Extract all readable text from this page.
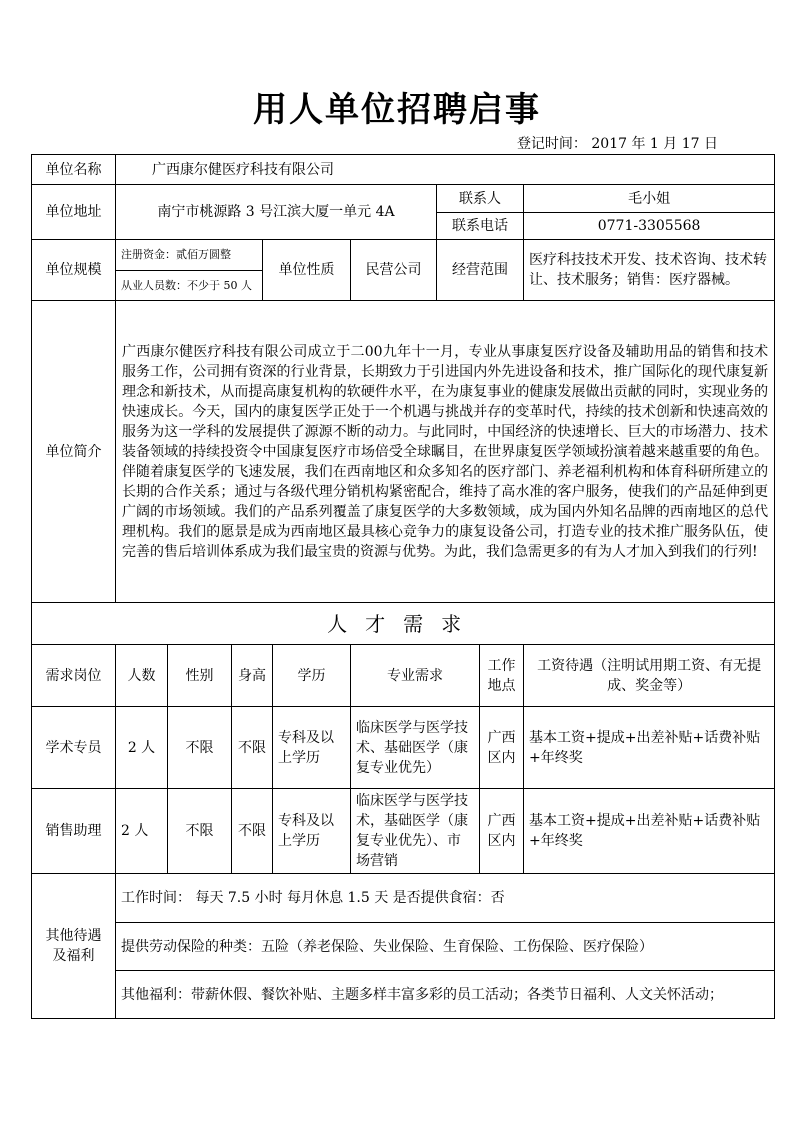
用人单位招聘启事
登记时间： 2017 年 1 月 17 日
单位名称	广西康尔健医疗科技有限公司								
单位地址	南宁市桃源路 3 号江滨大厦一单元 4A						联系人		毛小姐
							联系电话		0771-3305568
单位规模	注册资金：贰佰万圆整			单位性质		民营公司	经营范围		医疗科技技术开发、技术咨询、技术转让、技术服务；销售：医疗器械。
	从业人员数：不少于 50 人								
单位简介	广西康尔健医疗科技有限公司成立于二00九年十一月，专业从事康复医疗设备及辅助用品的销售和技术服务工作，公司拥有资深的行业背景，长期致力于引进国内外先进设备和技术，推广国际化的现代康复新理念和新技术，从而提高康复机构的软硬件水平，在为康复事业的健康发展做出贡献的同时，实现业务的快速成长。今天，国内的康复医学正处于一个机遇与挑战并存的变革时代，持续的技术创新和快速高效的服务为这一学科的发展提供了源源不断的动力。与此同时，中国经济的快速增长、巨大的市场潜力、技术装备领域的持续投资令中国康复医疗市场倍受全球瞩目，在世界康复医学领域扮演着越来越重要的角色。伴随着康复医学的飞速发展，我们在西南地区和众多知名的医疗部门、养老福利机构和体育科研所建立的长期的合作关系；通过与各级代理分销机构紧密配合，维持了高水准的客户服务，使我们的产品延伸到更广阔的市场领域。我们的产品系列覆盖了康复医学的大多数领域，成为国内外知名品牌的西南地区的总代理机构。我们的愿景是成为西南地区最具核心竞争力的康复设备公司，打造专业的技术推广服务队伍，使完善的售后培训体系成为我们最宝贵的资源与优势。为此，我们急需更多的有为人才加入到我们的行列!								
人才需求									
需求岗位	人数	性别	身高		学历	专业需求		工作地点	工资待遇（注明试用期工资、有无提成、奖金等）
学术专员	2 人	不限	不限		专科及以上学历	临床医学与医学技术、基础医学（康复专业优先）		广西区内	基本工资+提成+出差补贴+话费补贴+年终奖
销售助理	2 人	不限	不限		专科及以上学历	临床医学与医学技术，基础医学（康复专业优先）、市场营销		广西区内	基本工资+提成+出差补贴+话费补贴+年终奖
其他待遇及福利	工作时间： 每天 7.5 小时 每月休息 1.5 天 是否提供食宿：否								
	提供劳动保险的种类：五险（养老保险、失业保险、生育保险、工伤保险、医疗保险）								
	其他福利：带薪休假、餐饮补贴、主题多样丰富多彩的员工活动；各类节日福利、人文关怀活动；								
